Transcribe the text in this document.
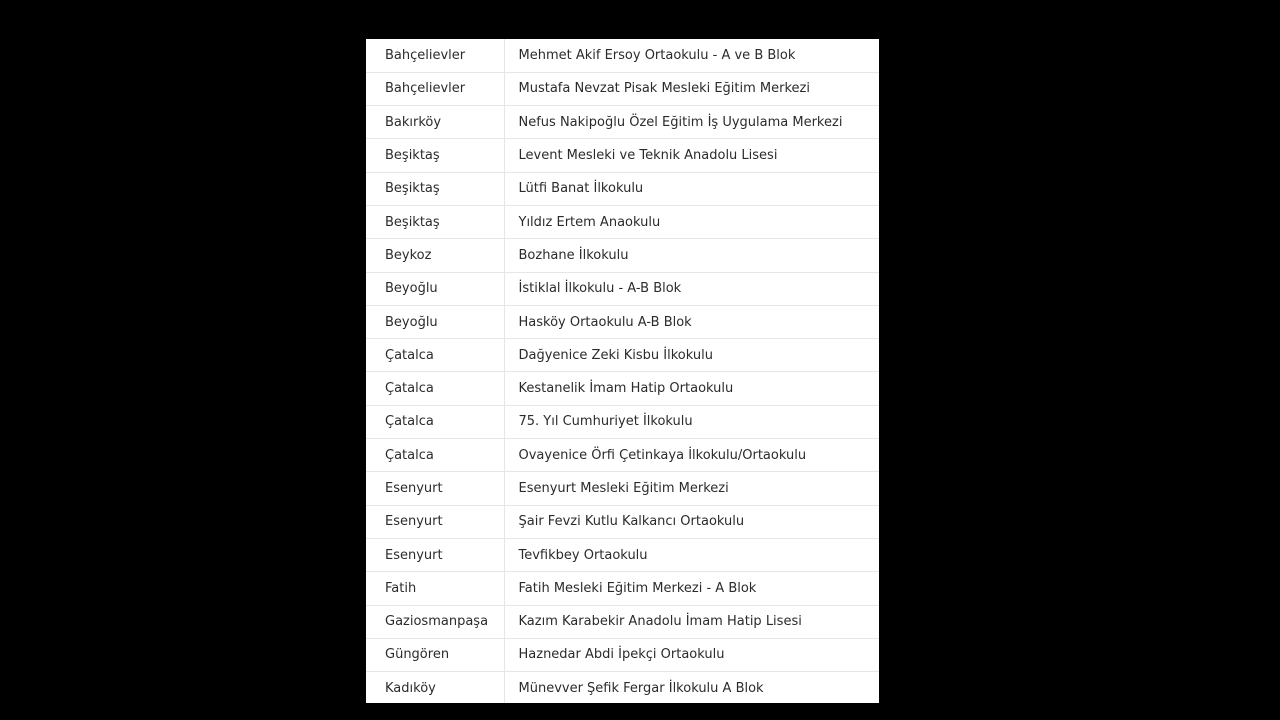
Bahçelievler	Mehmet Akif Ersoy Ortaokulu - A ve B Blok
Bahçelievler	Mustafa Nevzat Pisak Mesleki Eğitim Merkezi
Bakırköy	Nefus Nakipoğlu Özel Eğitim İş Uygulama Merkezi
Beşiktaş	Levent Mesleki ve Teknik Anadolu Lisesi
Beşiktaş	Lütfi Banat İlkokulu
Beşiktaş	Yıldız Ertem Anaokulu
Beykoz	Bozhane İlkokulu
Beyoğlu	İstiklal İlkokulu - A-B Blok
Beyoğlu	Hasköy Ortaokulu A-B Blok
Çatalca	Dağyenice Zeki Kisbu İlkokulu
Çatalca	Kestanelik İmam Hatip Ortaokulu
Çatalca	75. Yıl Cumhuriyet İlkokulu
Çatalca	Ovayenice Örfi Çetinkaya İlkokulu/Ortaokulu
Esenyurt	Esenyurt Mesleki Eğitim Merkezi
Esenyurt	Şair Fevzi Kutlu Kalkancı Ortaokulu
Esenyurt	Tevfikbey Ortaokulu
Fatih	Fatih Mesleki Eğitim Merkezi - A Blok
Gaziosmanpaşa	Kazım Karabekir Anadolu İmam Hatip Lisesi
Güngören	Haznedar Abdi İpekçi Ortaokulu
Kadıköy	Münevver Şefik Fergar İlkokulu A Blok
